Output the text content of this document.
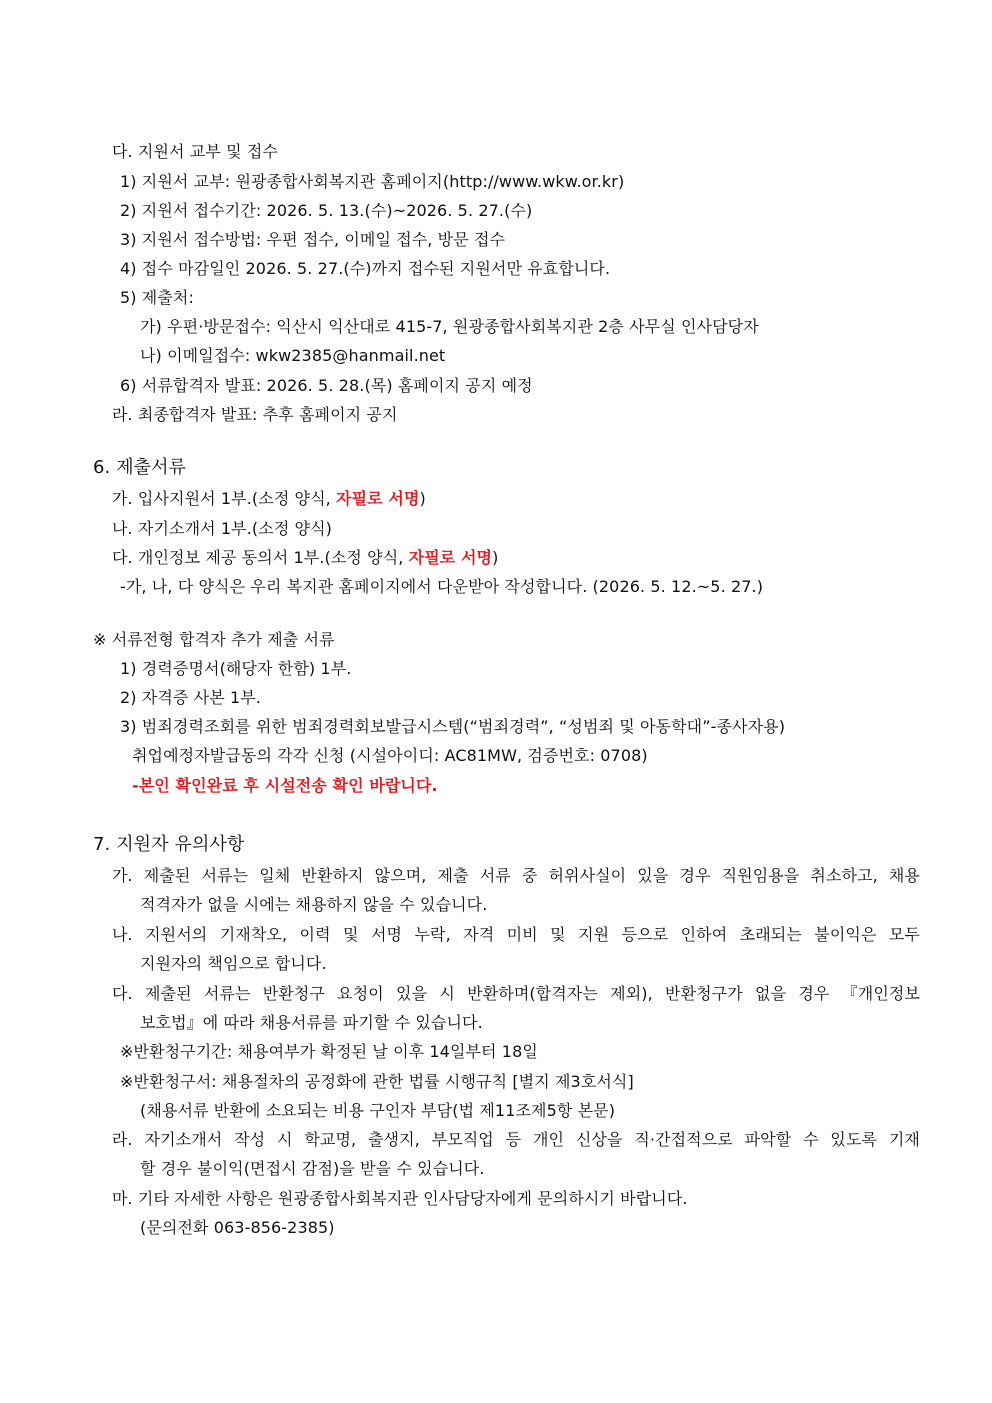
다. 지원서 교부 및 접수
1) 지원서 교부: 원광종합사회복지관 홈페이지(http://www.wkw.or.kr)
2) 지원서 접수기간: 2026. 5. 13.(수)~2026. 5. 27.(수)
3) 지원서 접수방법: 우편 접수, 이메일 접수, 방문 접수
4) 접수 마감일인 2026. 5. 27.(수)까지 접수된 지원서만 유효합니다.
5) 제출처:
가) 우편·방문접수: 익산시 익산대로 415-7, 원광종합사회복지관 2층 사무실 인사담당자
나) 이메일접수: wkw2385@hanmail.net
6) 서류합격자 발표: 2026. 5. 28.(목) 홈페이지 공지 예정
라. 최종합격자 발표: 추후 홈페이지 공지
6. 제출서류
가. 입사지원서 1부.(소정 양식, 자필로 서명)
나. 자기소개서 1부.(소정 양식)
다. 개인정보 제공 동의서 1부.(소정 양식, 자필로 서명)
-가, 나, 다 양식은 우리 복지관 홈페이지에서 다운받아 작성합니다. (2026. 5. 12.~5. 27.)
※ 서류전형 합격자 추가 제출 서류
1) 경력증명서(해당자 한함) 1부.
2) 자격증 사본 1부.
3) 범죄경력조회를 위한 범죄경력회보발급시스템(“범죄경력”, “성범죄 및 아동학대”-종사자용)
취업예정자발급동의 각각 신청 (시설아이디: AC81MW, 검증번호: 0708)
-본인 확인완료 후 시설전송 확인 바랍니다.
7. 지원자 유의사항
가. 제출된 서류는 일체 반환하지 않으며, 제출 서류 중 허위사실이 있을 경우 직원임용을 취소하고, 채용
적격자가 없을 시에는 채용하지 않을 수 있습니다.
나. 지원서의 기재착오, 이력 및 서명 누락, 자격 미비 및 지원 등으로 인하여 초래되는 불이익은 모두
지원자의 책임으로 합니다.
다. 제출된 서류는 반환청구 요청이 있을 시 반환하며(합격자는 제외), 반환청구가 없을 경우 『개인정보
보호법』에 따라 채용서류를 파기할 수 있습니다.
※반환청구기간: 채용여부가 확정된 날 이후 14일부터 18일
※반환청구서: 채용절차의 공정화에 관한 법률 시행규칙 [별지 제3호서식]
(채용서류 반환에 소요되는 비용 구인자 부담(법 제11조제5항 본문)
라. 자기소개서 작성 시 학교명, 출생지, 부모직업 등 개인 신상을 직·간접적으로 파악할 수 있도록 기재
할 경우 불이익(면접시 감점)을 받을 수 있습니다.
마. 기타 자세한 사항은 원광종합사회복지관 인사담당자에게 문의하시기 바랍니다.
(문의전화 063-856-2385)
